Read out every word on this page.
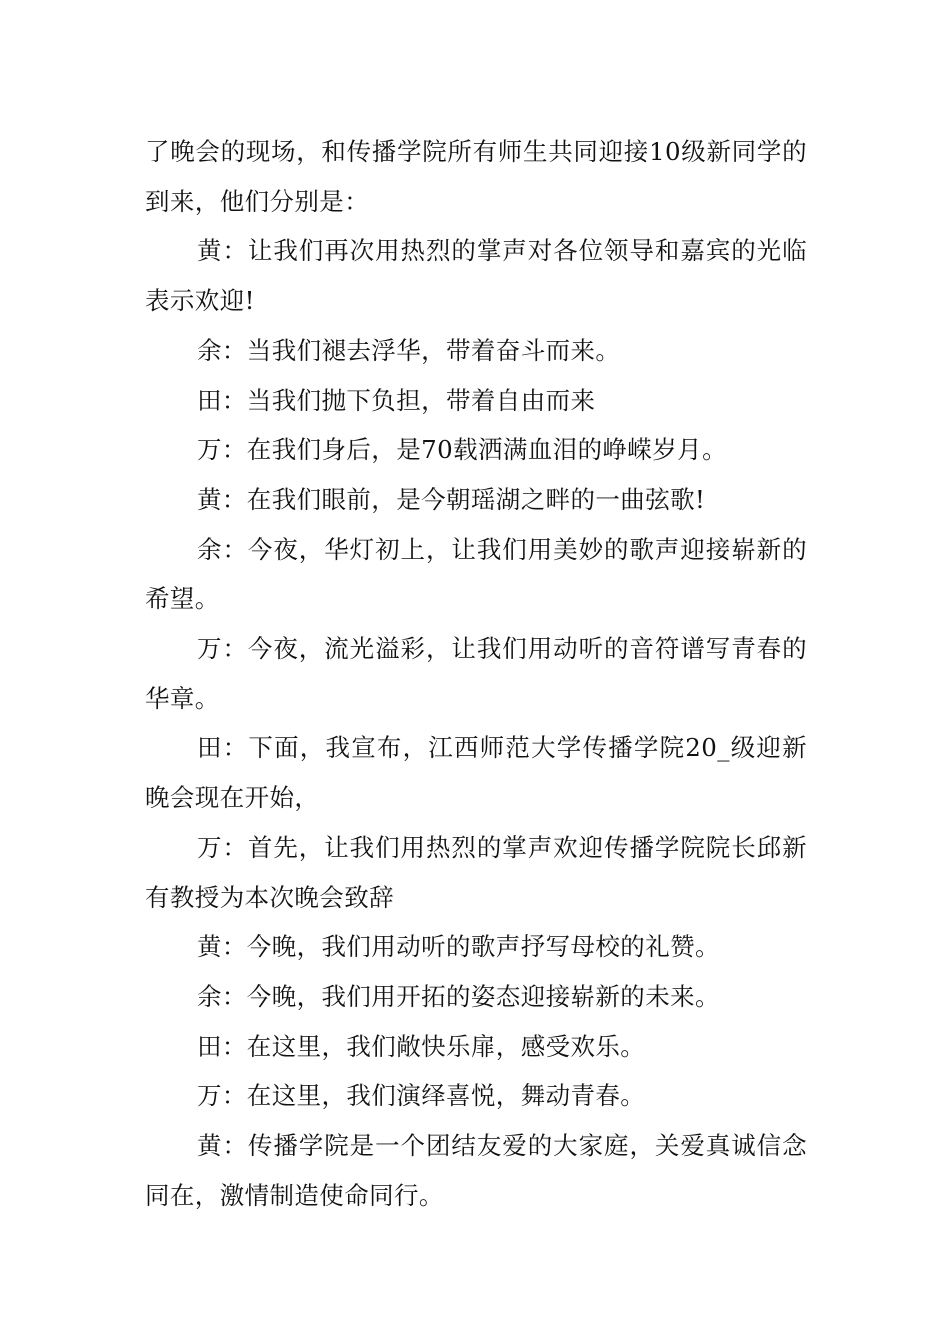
了晚会的现场，和传播学院所有师生共同迎接10级新同学的到来，他们分别是：

黄：让我们再次用热烈的掌声对各位领导和嘉宾的光临表示欢迎!

余：当我们褪去浮华，带着奋斗而来。

田：当我们抛下负担，带着自由而来

万：在我们身后，是70载洒满血泪的峥嵘岁月。

黄：在我们眼前，是今朝瑶湖之畔的一曲弦歌!

余：今夜，华灯初上，让我们用美妙的歌声迎接崭新的希望。

万：今夜，流光溢彩，让我们用动听的音符谱写青春的华章。

田：下面，我宣布，江西师范大学传播学院20_级迎新晚会现在开始，

万：首先，让我们用热烈的掌声欢迎传播学院院长邱新有教授为本次晚会致辞

黄：今晚，我们用动听的歌声抒写母校的礼赞。

余：今晚，我们用开拓的姿态迎接崭新的未来。

田：在这里，我们敞快乐扉，感受欢乐。

万：在这里，我们演绎喜悦，舞动青春。

黄：传播学院是一个团结友爱的大家庭，关爱真诚信念同在，激情制造使命同行。
